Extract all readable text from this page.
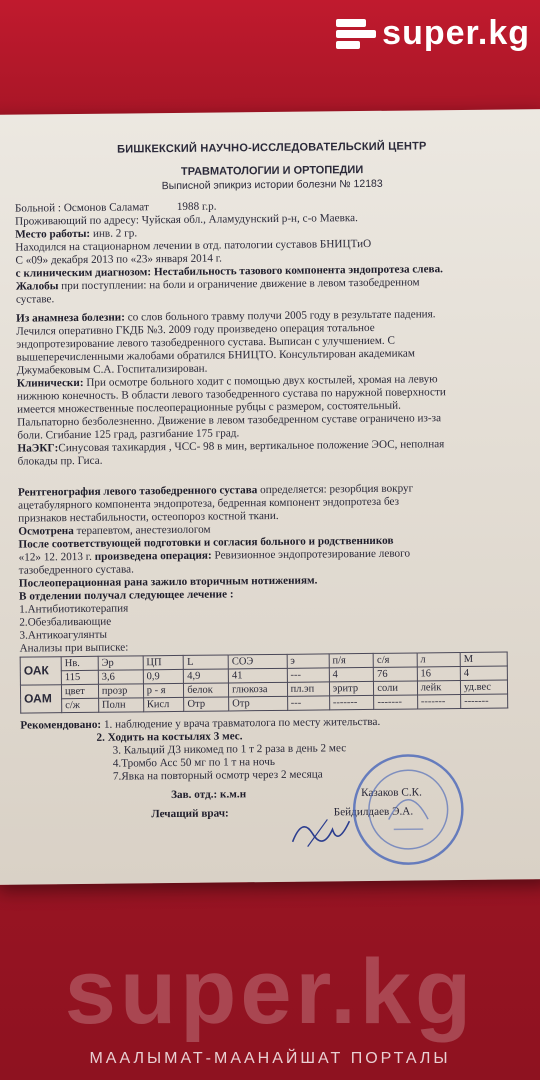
super.kg

БИШКЕКСКИЙ НАУЧНО-ИССЛЕДОВАТЕЛЬСКИЙ ЦЕНТР

ТРАВМАТОЛОГИИ И ОРТОПЕДИИ

Выписной эпикриз истории болезни № 12183

Больной : Осмонов Саламат 1988 г.р.

Проживающий по адресу: Чуйская обл., Аламудунский р-н, с-о Маевка.

Место работы: инв. 2 гр.

Находился на стационарном лечении в отд. патологии суставов БНИЦТиО

С «09» декабря 2013 по «23» января 2014 г.

с клиническим диагнозом: Нестабильность тазового компонента эндопротеза слева.

Жалобы при поступлении: на боли и ограничение движение в левом тазобедренном

суставе.

Из анамнеза болезни: со слов больного травму получи 2005 году в результате падения.

Лечился оперативно ГКДБ №3. 2009 году произведено операция тотальное

эндопротезирование левого тазобедренного сустава. Выписан с улучшением. С

вышеперечисленными жалобами обратился БНИЦТО. Консультирован академикам

Джумабековым С.А. Госпитализирован.

Клинически: При осмотре больного ходит с помощью двух костылей, хромая на левую

нижнюю конечность. В области левого тазобедренного сустава по наружной поверхности

имеется множественные послеоперационные рубцы с размером, состоятельный.

Пальпаторно безболезненно. Движение в левом тазобедренном суставе ограничено из-за

боли. Сгибание 125 град, разгибание 175 град.

НаЭКГ:Синусовая тахикардия , ЧСС- 98 в мин, вертикальное положение ЭОС, неполная

блокады пр. Гиса.

Рентгенография левого тазобедренного сустава определяется: резорбция вокруг

ацетабулярного компонента эндопротеза, бедренная компонент эндопротеза без

признаков нестабильности, остеопороз костной ткани.

Осмотрена терапевтом, анестезиологом

После соответствующей подготовки и согласия больного и родственников

«12» 12. 2013 г. произведена операция: Ревизионное эндопротезирование левого

тазобедренного сустава.

Послеоперационная рана зажило вторичным нотижениям.

В отделении получал следующее лечение :

1.Антибиотикотерапия

2.Обезбаливающие

3.Антикоагулянты

Анализы при выписке:

ОАК	Нв.	Эр	ЦП	L	СОЭ	э	п/я	с/я	л	М
	115	3,6	0,9	4,9	41	---	4	76	16	4
ОАМ	цвет	прозр	р - я	белок	глюкоза	пл.эп	эритр	соли	лейк	уд.вес
	с/ж	Полн	Кисл	Отр	Отр	---	-------	-------	-------	-------

Рекомендовано: 1. наблюдение у врача травматолога по месту жительства.

2. Ходить на костылях 3 мес.

3. Кальций Д3 никомед по 1 т 2 раза в день 2 мес

4.Тромбо Асс 50 мг по 1 т на ночь

7.Явка на повторный осмотр через 2 месяца

Зав. отд.: к.м.н	Казаков С.К.

Лечащий врач:	Бейдилдаев Э.А.

super.kg
МААЛЫМАТ-МААНАЙШАТ ПОРТАЛЫ
